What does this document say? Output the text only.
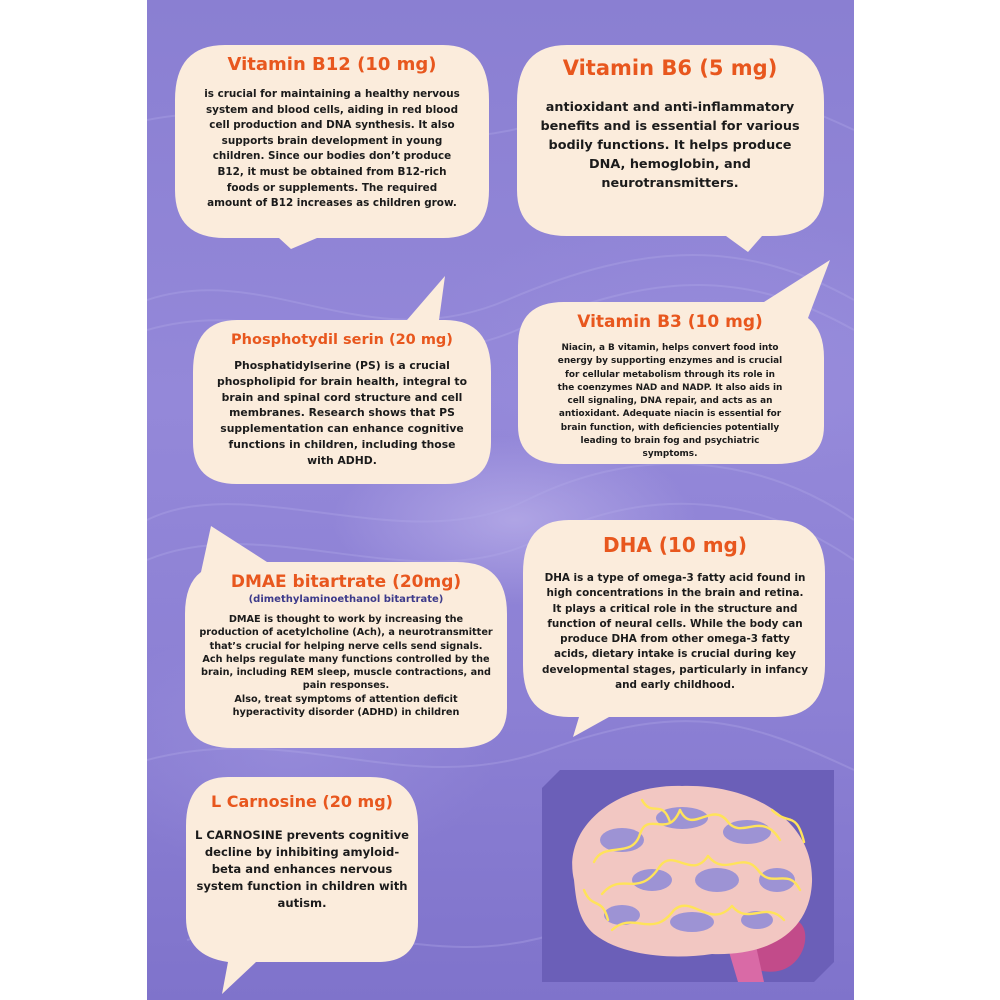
Vitamin B12 (10 mg)
is crucial for maintaining a healthy nervous
system and blood cells, aiding in red blood
cell production and DNA synthesis. It also
supports brain development in young
children. Since our bodies don’t produce
B12, it must be obtained from B12-rich
foods or supplements. The required
amount of B12 increases as children grow.
Vitamin B6 (5 mg)
antioxidant and anti-inflammatory
benefits and is essential for various
bodily functions. It helps produce
DNA, hemoglobin, and
neurotransmitters.
Phosphotydil serin (20 mg)
Phosphatidylserine (PS) is a crucial
phospholipid for brain health, integral to
brain and spinal cord structure and cell
membranes. Research shows that PS
supplementation can enhance cognitive
functions in children, including those
with ADHD.
Vitamin B3 (10 mg)
Niacin, a B vitamin, helps convert food into
energy by supporting enzymes and is crucial
for cellular metabolism through its role in
the coenzymes NAD and NADP. It also aids in
cell signaling, DNA repair, and acts as an
antioxidant. Adequate niacin is essential for
brain function, with deficiencies potentially
leading to brain fog and psychiatric
symptoms.
DMAE bitartrate (20mg)
(dimethylaminoethanol bitartrate)
DMAE is thought to work by increasing the
production of acetylcholine (Ach), a neurotransmitter
that’s crucial for helping nerve cells send signals.
Ach helps regulate many functions controlled by the
brain, including REM sleep, muscle contractions, and
pain responses.
Also, treat symptoms of attention deficit
hyperactivity disorder (ADHD) in children
DHA (10 mg)
DHA is a type of omega-3 fatty acid found in
high concentrations in the brain and retina.
It plays a critical role in the structure and
function of neural cells. While the body can
produce DHA from other omega-3 fatty
acids, dietary intake is crucial during key
developmental stages, particularly in infancy
and early childhood.
L Carnosine (20 mg)
L CARNOSINE prevents cognitive
decline by inhibiting amyloid-
beta and enhances nervous
system function in children with
autism.
